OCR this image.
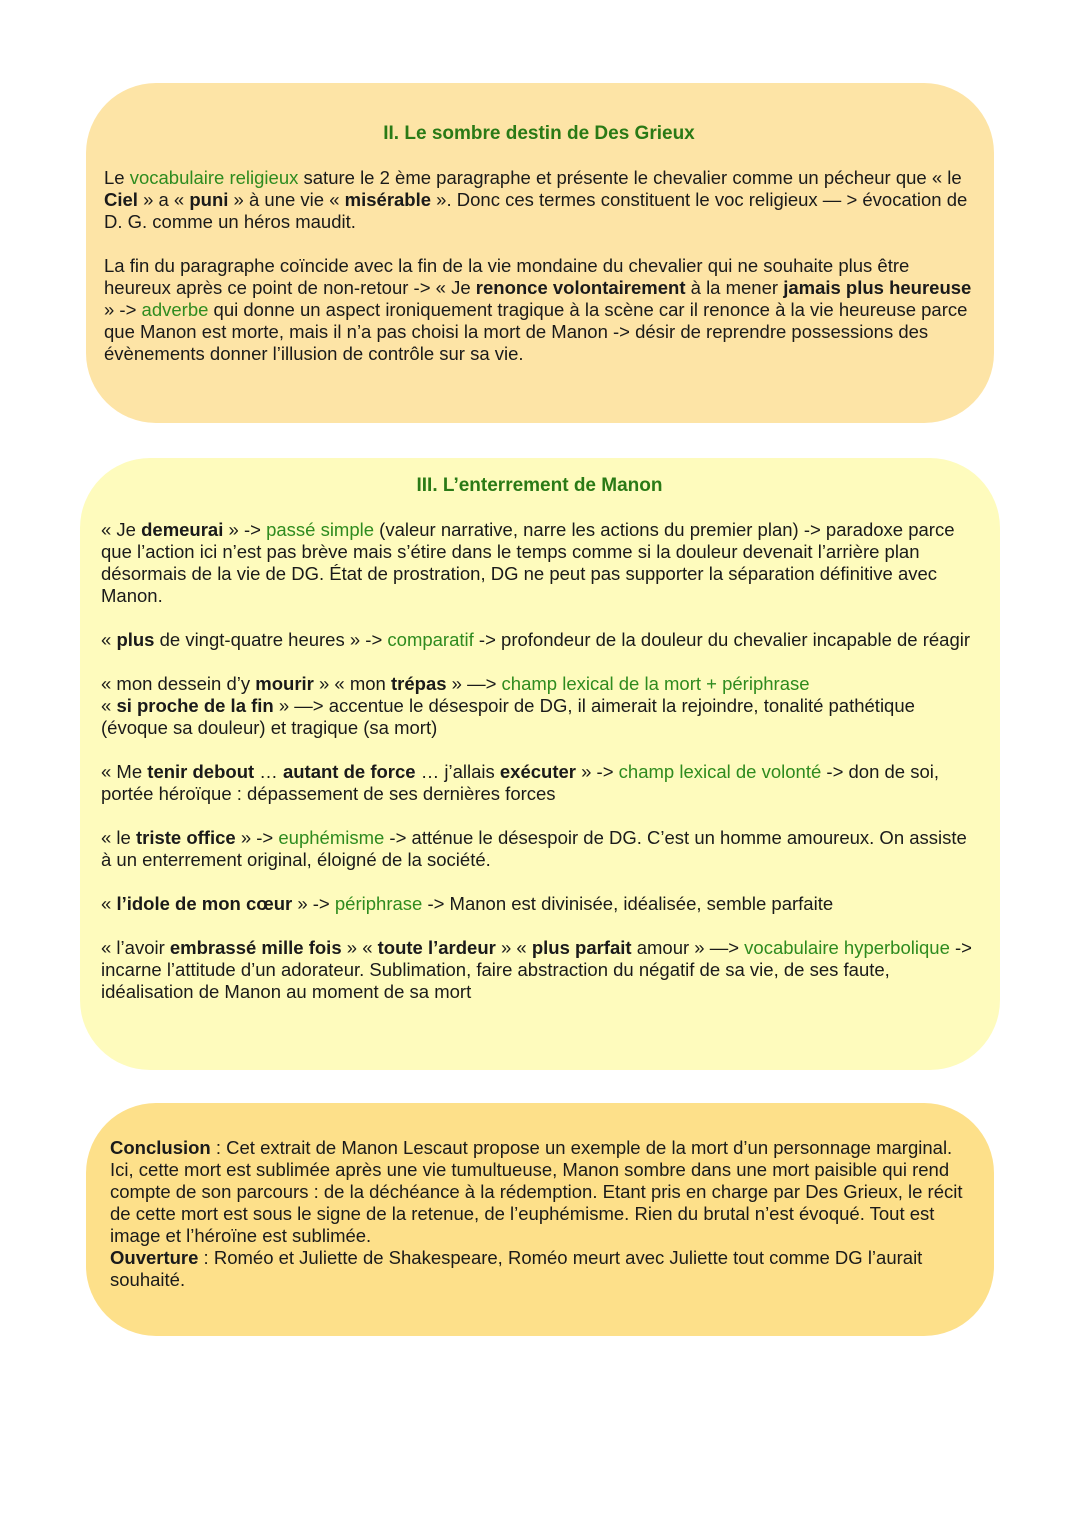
II. Le sombre destin de Des Grieux

Le vocabulaire religieux sature le 2 ème paragraphe et présente le chevalier comme un pécheur que « le Ciel » a « puni » à une vie « misérable ». Donc ces termes constituent le voc religieux — > évocation de D. G. comme un héros maudit.

La fin du paragraphe coïncide avec la fin de la vie mondaine du chevalier qui ne souhaite plus être heureux après ce point de non-retour -> « Je renonce volontairement à la mener jamais plus heureuse » -> adverbe qui donne un aspect ironiquement tragique à la scène car il renonce à la vie heureuse parce que Manon est morte, mais il n’a pas choisi la mort de Manon -> désir de reprendre possessions des évènements donner l’illusion de contrôle sur sa vie.

III. L’enterrement de Manon

« Je demeurai » -> passé simple (valeur narrative, narre les actions du premier plan) -> paradoxe parce que l’action ici n’est pas brève mais s’étire dans le temps comme si la douleur devenait l’arrière plan désormais de la vie de DG. État de prostration, DG ne peut pas supporter la séparation définitive avec Manon.

« plus de vingt-quatre heures » -> comparatif -> profondeur de la douleur du chevalier incapable de réagir

« mon dessein d’y mourir » « mon trépas » —> champ lexical de la mort + périphrase
« si proche de la fin » —> accentue le désespoir de DG, il aimerait la rejoindre, tonalité pathétique (évoque sa douleur) et tragique (sa mort)

« Me tenir debout … autant de force … j’allais exécuter » -> champ lexical de volonté -> don de soi, portée héroïque : dépassement de ses dernières forces

« le triste office » -> euphémisme -> atténue le désespoir de DG. C’est un homme amoureux. On assiste à un enterrement original, éloigné de la société.

« l’idole de mon cœur » -> périphrase -> Manon est divinisée, idéalisée, semble parfaite

« l’avoir embrassé mille fois » « toute l’ardeur » « plus parfait amour » —> vocabulaire hyperbolique -> incarne l’attitude d’un adorateur. Sublimation, faire abstraction du négatif de sa vie, de ses faute, idéalisation de Manon au moment de sa mort

Conclusion : Cet extrait de Manon Lescaut propose un exemple de la mort d’un personnage marginal. Ici, cette mort est sublimée après une vie tumultueuse, Manon sombre dans une mort paisible qui rend compte de son parcours : de la déchéance à la rédemption. Etant pris en charge par Des Grieux, le récit de cette mort est sous le signe de la retenue, de l’euphémisme. Rien du brutal n’est évoqué. Tout est image et l’héroïne est sublimée.
Ouverture : Roméo et Juliette de Shakespeare, Roméo meurt avec Juliette tout comme DG l’aurait souhaité.
